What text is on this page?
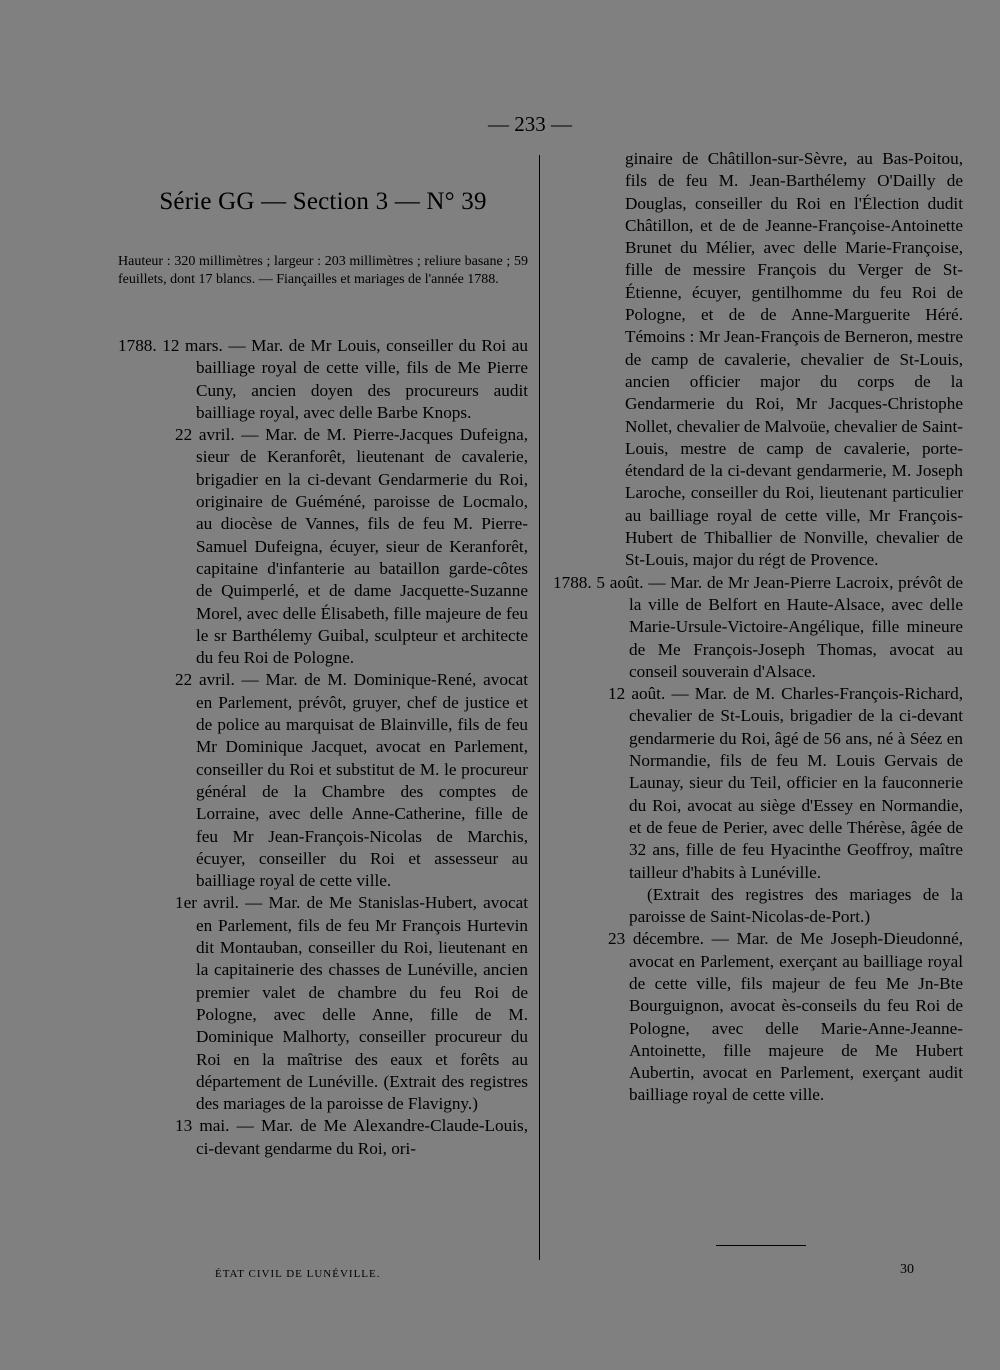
— 233 —
Série GG — Section 3 — N° 39
Hauteur : 320 millimètres ; largeur : 203 millimètres ; reliure basane ; 59 feuillets, dont 17 blancs. — Fiançailles et mariages de l'année 1788.

1788. 12 mars. — Mar. de Mr Louis, conseiller du Roi au bailliage royal de cette ville, fils de Me Pierre Cuny, ancien doyen des procureurs audit bailliage royal, avec delle Barbe Knops.

22 avril. — Mar. de M. Pierre-Jacques Dufeigna, sieur de Keranforêt, lieutenant de cavalerie, brigadier en la ci-devant Gendarmerie du Roi, originaire de Guéméné, paroisse de Locmalo, au diocèse de Vannes, fils de feu M. Pierre-Samuel Dufeigna, écuyer, sieur de Keranforêt, capitaine d'infanterie au bataillon garde-côtes de Quimperlé, et de dame Jacquette-Suzanne Morel, avec delle Élisabeth, fille majeure de feu le sr Barthélemy Guibal, sculpteur et architecte du feu Roi de Pologne.

22 avril. — Mar. de M. Dominique-René, avocat en Parlement, prévôt, gruyer, chef de justice et de police au marquisat de Blainville, fils de feu Mr Dominique Jacquet, avocat en Parlement, conseiller du Roi et substitut de M. le procureur général de la Chambre des comptes de Lorraine, avec delle Anne-Catherine, fille de feu Mr Jean-François-Nicolas de Marchis, écuyer, conseiller du Roi et assesseur au bailliage royal de cette ville.

1er avril. — Mar. de Me Stanislas-Hubert, avocat en Parlement, fils de feu Mr François Hurtevin dit Montauban, conseiller du Roi, lieutenant en la capitainerie des chasses de Lunéville, ancien premier valet de chambre du feu Roi de Pologne, avec delle Anne, fille de M. Dominique Malhorty, conseiller procureur du Roi en la maîtrise des eaux et forêts au département de Lunéville. (Extrait des registres des mariages de la paroisse de Flavigny.)

13 mai. — Mar. de Me Alexandre-Claude-Louis, ci-devant gendarme du Roi, ori-

ginaire de Châtillon-sur-Sèvre, au Bas-Poitou, fils de feu M. Jean-Barthélemy O'Dailly de Douglas, conseiller du Roi en l'Élection dudit Châtillon, et de de Jeanne-Françoise-Antoinette Brunet du Mélier, avec delle Marie-Françoise, fille de messire François du Verger de St-Étienne, écuyer, gentilhomme du feu Roi de Pologne, et de de Anne-Marguerite Héré. Témoins : Mr Jean-François de Berneron, mestre de camp de cavalerie, chevalier de St-Louis, ancien officier major du corps de la Gendarmerie du Roi, Mr Jacques-Christophe Nollet, chevalier de Malvoüe, chevalier de Saint-Louis, mestre de camp de cavalerie, porte-étendard de la ci-devant gendarmerie, M. Joseph Laroche, conseiller du Roi, lieutenant particulier au bailliage royal de cette ville, Mr François-Hubert de Thiballier de Nonville, chevalier de St-Louis, major du régt de Provence.

1788. 5 août. — Mar. de Mr Jean-Pierre Lacroix, prévôt de la ville de Belfort en Haute-Alsace, avec delle Marie-Ursule-Victoire-Angélique, fille mineure de Me François-Joseph Thomas, avocat au conseil souverain d'Alsace.

12 août. — Mar. de M. Charles-François-Richard, chevalier de St-Louis, brigadier de la ci-devant gendarmerie du Roi, âgé de 56 ans, né à Séez en Normandie, fils de feu M. Louis Gervais de Launay, sieur du Teil, officier en la fauconnerie du Roi, avocat au siège d'Essey en Normandie, et de feue de Perier, avec delle Thérèse, âgée de 32 ans, fille de feu Hyacinthe Geoffroy, maître tailleur d'habits à Lunéville.

(Extrait des registres des mariages de la paroisse de Saint-Nicolas-de-Port.)

23 décembre. — Mar. de Me Joseph-Dieudonné, avocat en Parlement, exerçant au bailliage royal de cette ville, fils majeur de feu Me Jn-Bte Bourguignon, avocat ès-conseils du feu Roi de Pologne, avec delle Marie-Anne-Jeanne-Antoinette, fille majeure de Me Hubert Aubertin, avocat en Parlement, exerçant audit bailliage royal de cette ville.

ÉTAT CIVIL DE LUNÉVILLE.	30
